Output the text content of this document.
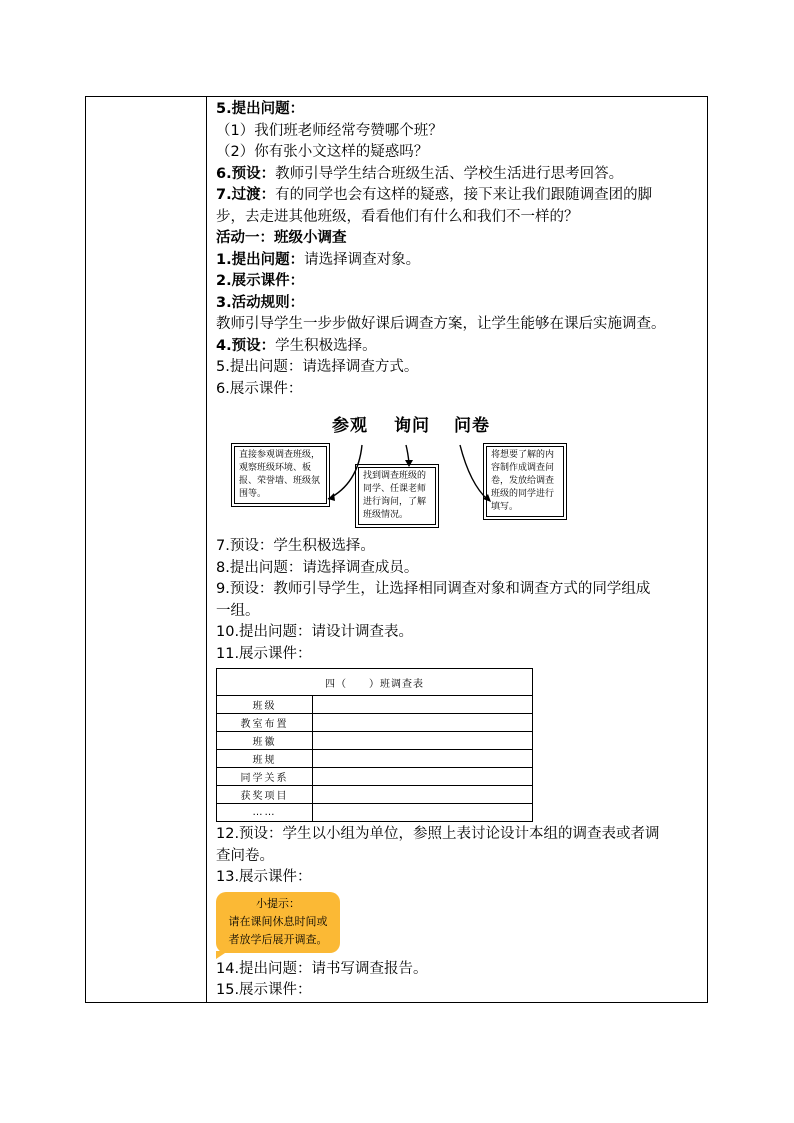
5.提出问题：
（1）我们班老师经常夸赞哪个班？
（2）你有张小文这样的疑惑吗？
6.预设：教师引导学生结合班级生活、学校生活进行思考回答。
7.过渡：有的同学也会有这样的疑惑，接下来让我们跟随调查团的脚
步，去走进其他班级，看看他们有什么和我们不一样的？
活动一：班级小调查
1.提出问题：请选择调查对象。
2.展示课件：
3.活动规则：
教师引导学生一步步做好课后调查方案，让学生能够在课后实施调查。
4.预设：学生积极选择。
5.提出问题：请选择调查方式。
6.展示课件：
参观 询问 问卷
直接参观调查班级，观察班级环境、板报、荣誉墙、班级氛围等。
找到调查班级的同学、任课老师进行询问，了解班级情况。
将想要了解的内容制作成调查问卷，发放给调查班级的同学进行填写。
7.预设：学生积极选择。
8.提出问题：请选择调查成员。
9.预设：教师引导学生，让选择相同调查对象和调查方式的同学组成
一组。
10.提出问题：请设计调查表。
11.展示课件：
四（　　）班调查表	
班级	
教室布置	
班徽	
班规	
同学关系	
获奖项目	
……	
12.预设：学生以小组为单位，参照上表讨论设计本组的调查表或者调
查问卷。
13.展示课件：
小提示：
请在课间休息时间或
者放学后展开调查。
14.提出问题：请书写调查报告。
15.展示课件：
